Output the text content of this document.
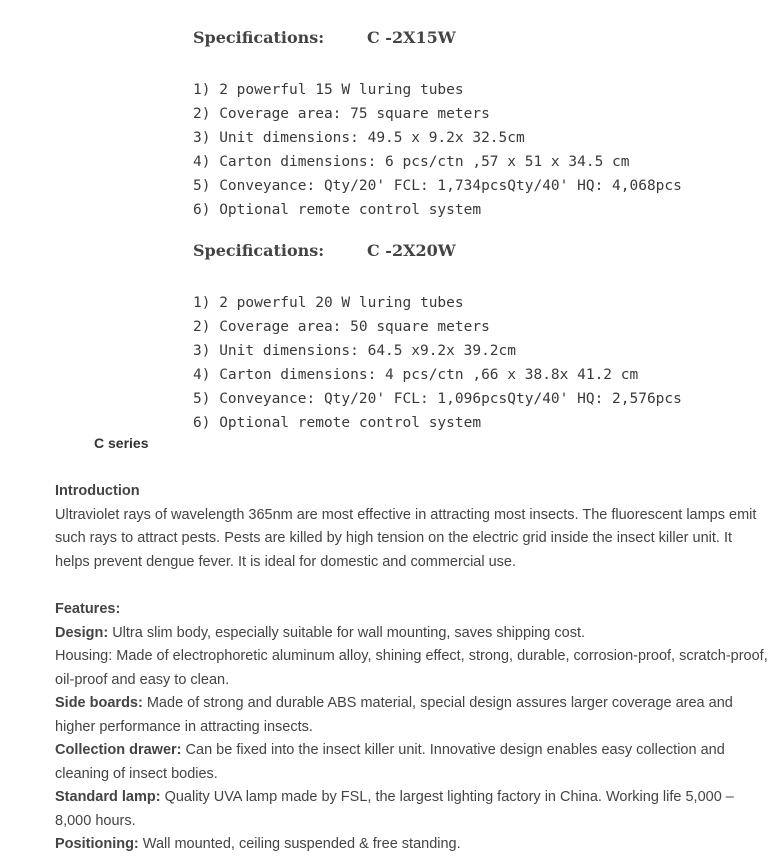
Specifications:	C -2X15W
1) 2 powerful 15 W luring tubes
2) Coverage area: 75 square meters
3) Unit dimensions: 49.5 x 9.2x 32.5cm
4) Carton dimensions: 6 pcs/ctn ,57 x 51 x 34.5 cm
5) Conveyance: Qty/20' FCL: 1,734pcsQty/40' HQ: 4,068pcs
6) Optional remote control system
Specifications:	C -2X20W
1) 2 powerful 20 W luring tubes
2) Coverage area: 50 square meters
3) Unit dimensions: 64.5 x9.2x 39.2cm
4) Carton dimensions: 4 pcs/ctn ,66 x 38.8x 41.2 cm
5) Conveyance: Qty/20' FCL: 1,096pcsQty/40' HQ: 2,576pcs
6) Optional remote control system
C series
Introduction
Ultraviolet rays of wavelength 365nm are most effective in attracting most insects. The fluorescent lamps emit such rays to attract pests. Pests are killed by high tension on the electric grid inside the insect killer unit. It helps prevent dengue fever. It is ideal for domestic and commercial use.
Features:

Design: Ultra slim body, especially suitable for wall mounting, saves shipping cost.

Housing: Made of electrophoretic aluminum alloy, shining effect, strong, durable, corrosion-proof, scratch-proof, oil-proof and easy to clean.

Side boards: Made of strong and durable ABS material, special design assures larger coverage area and higher performance in attracting insects.

Collection drawer: Can be fixed into the insect killer unit. Innovative design enables easy collection and cleaning of insect bodies.

Standard lamp: Quality UVA lamp made by FSL, the largest lighting factory in China. Working life 5,000 – 8,000 hours.

Positioning: Wall mounted, ceiling suspended & free standing.
